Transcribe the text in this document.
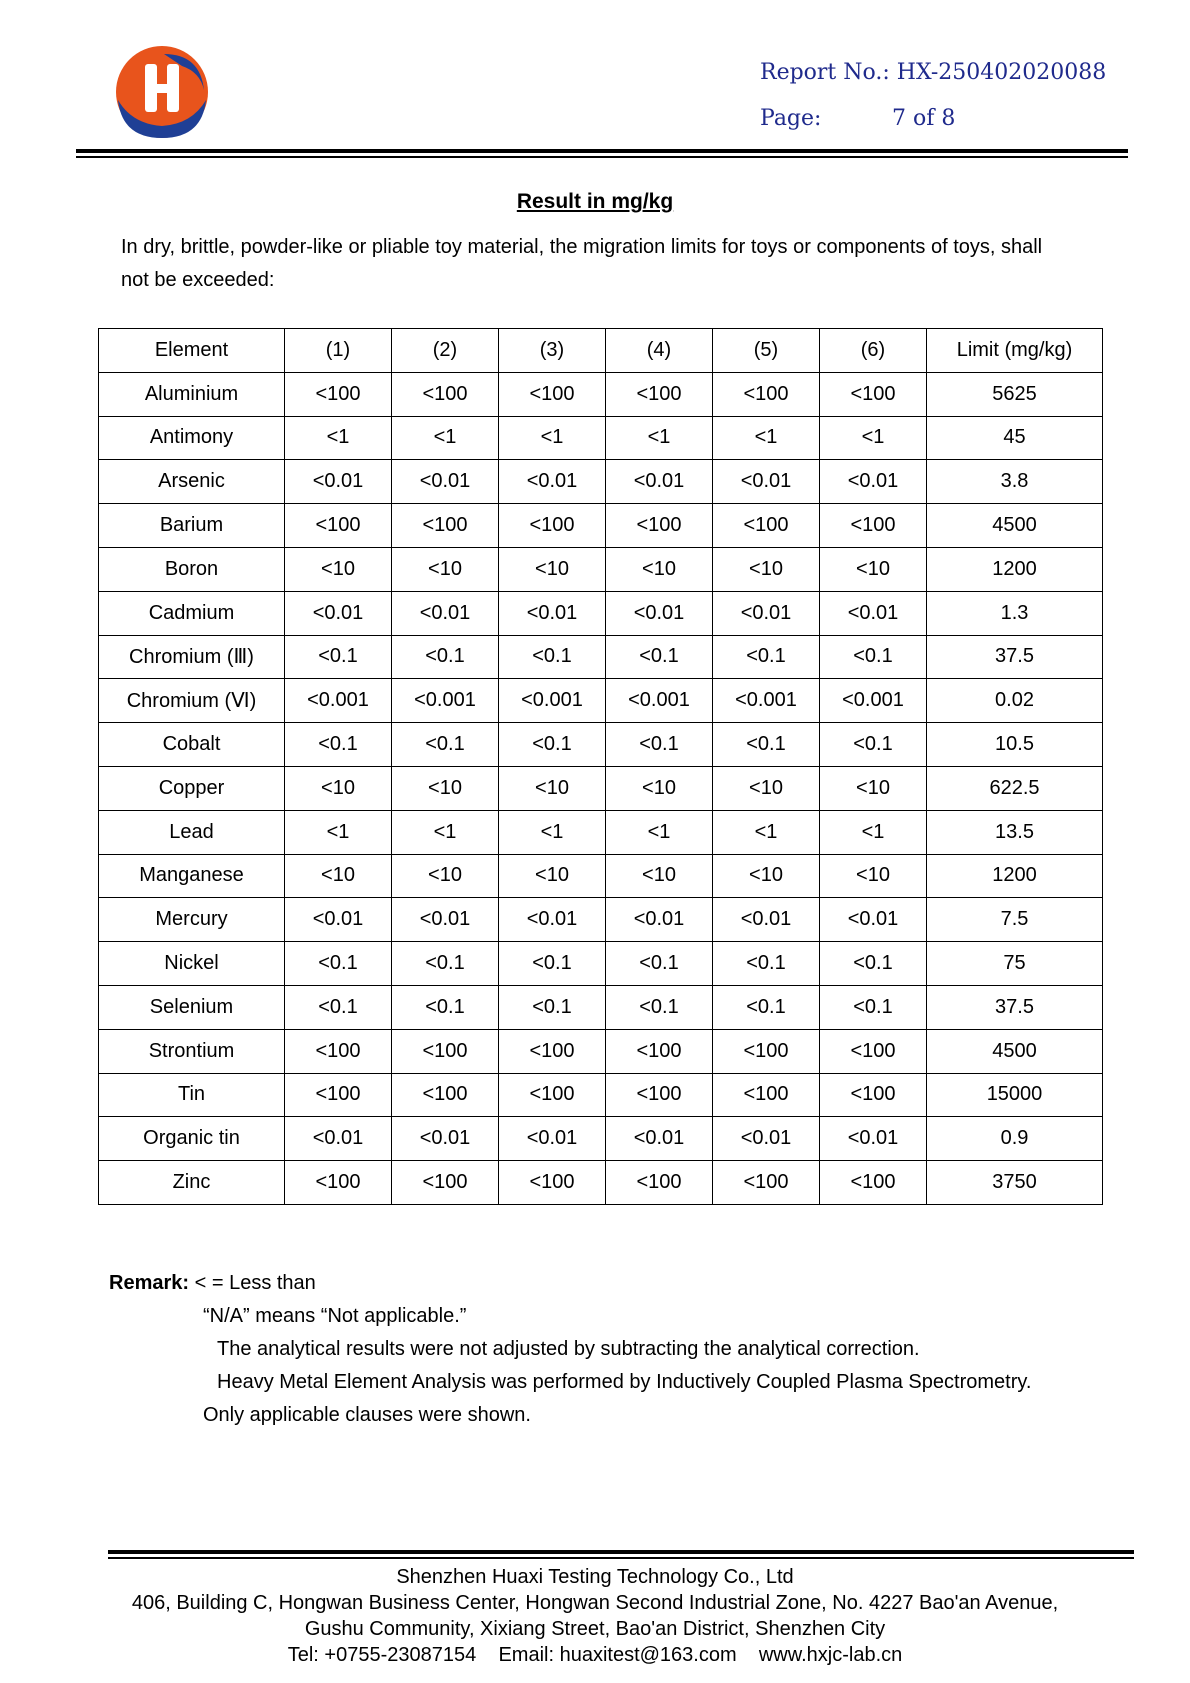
Report No.: HX-250402020088
Page:	7 of 8
Result in mg/kg
In dry, brittle, powder-like or pliable toy material, the migration limits for toys or components of toys, shall
not be exceeded:
Element	(1)	(2)	(3)	(4)	(5)	(6)	Limit (mg/kg)
Aluminium	<100	<100	<100	<100	<100	<100	5625
Antimony	<1	<1	<1	<1	<1	<1	45
Arsenic	<0.01	<0.01	<0.01	<0.01	<0.01	<0.01	3.8
Barium	<100	<100	<100	<100	<100	<100	4500
Boron	<10	<10	<10	<10	<10	<10	1200
Cadmium	<0.01	<0.01	<0.01	<0.01	<0.01	<0.01	1.3
Chromium (Ⅲ)	<0.1	<0.1	<0.1	<0.1	<0.1	<0.1	37.5
Chromium (Ⅵ)	<0.001	<0.001	<0.001	<0.001	<0.001	<0.001	0.02
Cobalt	<0.1	<0.1	<0.1	<0.1	<0.1	<0.1	10.5
Copper	<10	<10	<10	<10	<10	<10	622.5
Lead	<1	<1	<1	<1	<1	<1	13.5
Manganese	<10	<10	<10	<10	<10	<10	1200
Mercury	<0.01	<0.01	<0.01	<0.01	<0.01	<0.01	7.5
Nickel	<0.1	<0.1	<0.1	<0.1	<0.1	<0.1	75
Selenium	<0.1	<0.1	<0.1	<0.1	<0.1	<0.1	37.5
Strontium	<100	<100	<100	<100	<100	<100	4500
Tin	<100	<100	<100	<100	<100	<100	15000
Organic tin	<0.01	<0.01	<0.01	<0.01	<0.01	<0.01	0.9
Zinc	<100	<100	<100	<100	<100	<100	3750
Remark: < = Less than
“N/A” means “Not applicable.”
The analytical results were not adjusted by subtracting the analytical correction.
Heavy Metal Element Analysis was performed by Inductively Coupled Plasma Spectrometry.
Only applicable clauses were shown.
Shenzhen Huaxi Testing Technology Co., Ltd
406, Building C, Hongwan Business Center, Hongwan Second Industrial Zone, No. 4227 Bao'an Avenue,
Gushu Community, Xixiang Street, Bao'an District, Shenzhen City
Tel: +0755-23087154    Email: huaxitest@163.com    www.hxjc-lab.cn
